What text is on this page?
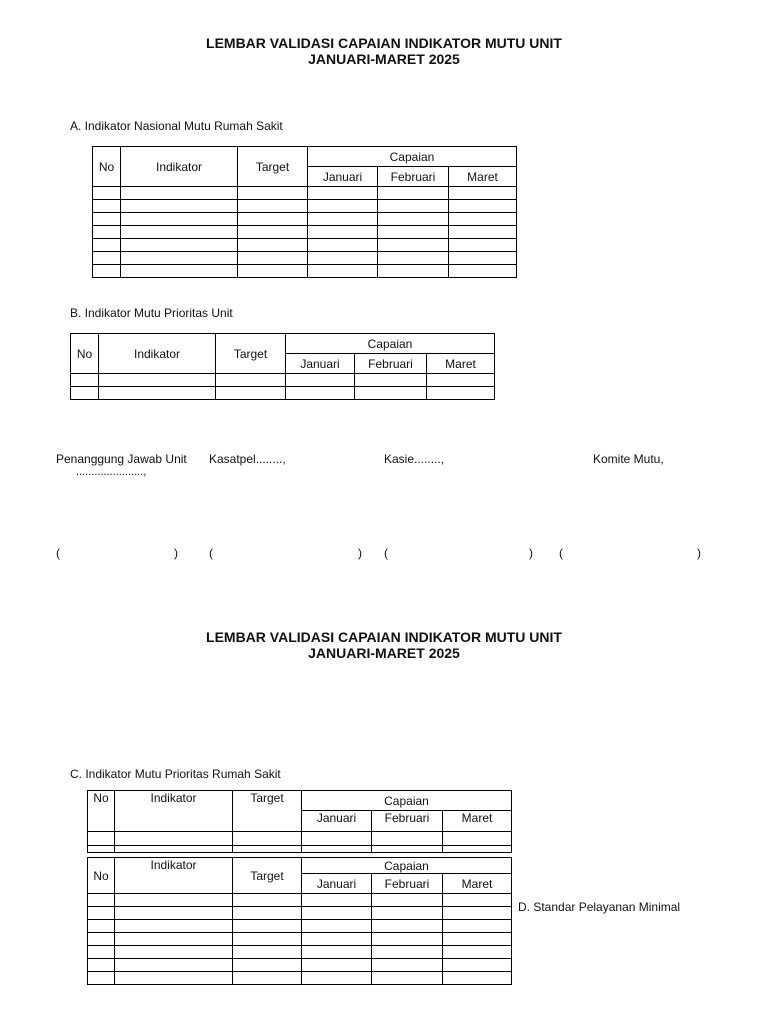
LEMBAR VALIDASI CAPAIAN INDIKATOR MUTU UNIT
JANUARI-MARET 2025
A. Indikator Nasional Mutu Rumah Sakit
No	Indikator	Target	Capaian		
			Januari	Februari	Maret

B. Indikator Mutu Prioritas Unit
No	Indikator	Target	Capaian		
			Januari	Februari	Maret

Penanggung Jawab Unit
......................,
Kasatpel........,	Kasie........,	Komite Mutu,
(	)	(	) (	) (	)
LEMBAR VALIDASI CAPAIAN INDIKATOR MUTU UNIT
JANUARI-MARET 2025
C. Indikator Mutu Prioritas Rumah Sakit
No	Indikator	Target	Capaian		
			Januari	Februari	Maret

D. Standar Pelayanan Minimal
No	Indikator	Target	Capaian		
			Januari	Februari	Maret
